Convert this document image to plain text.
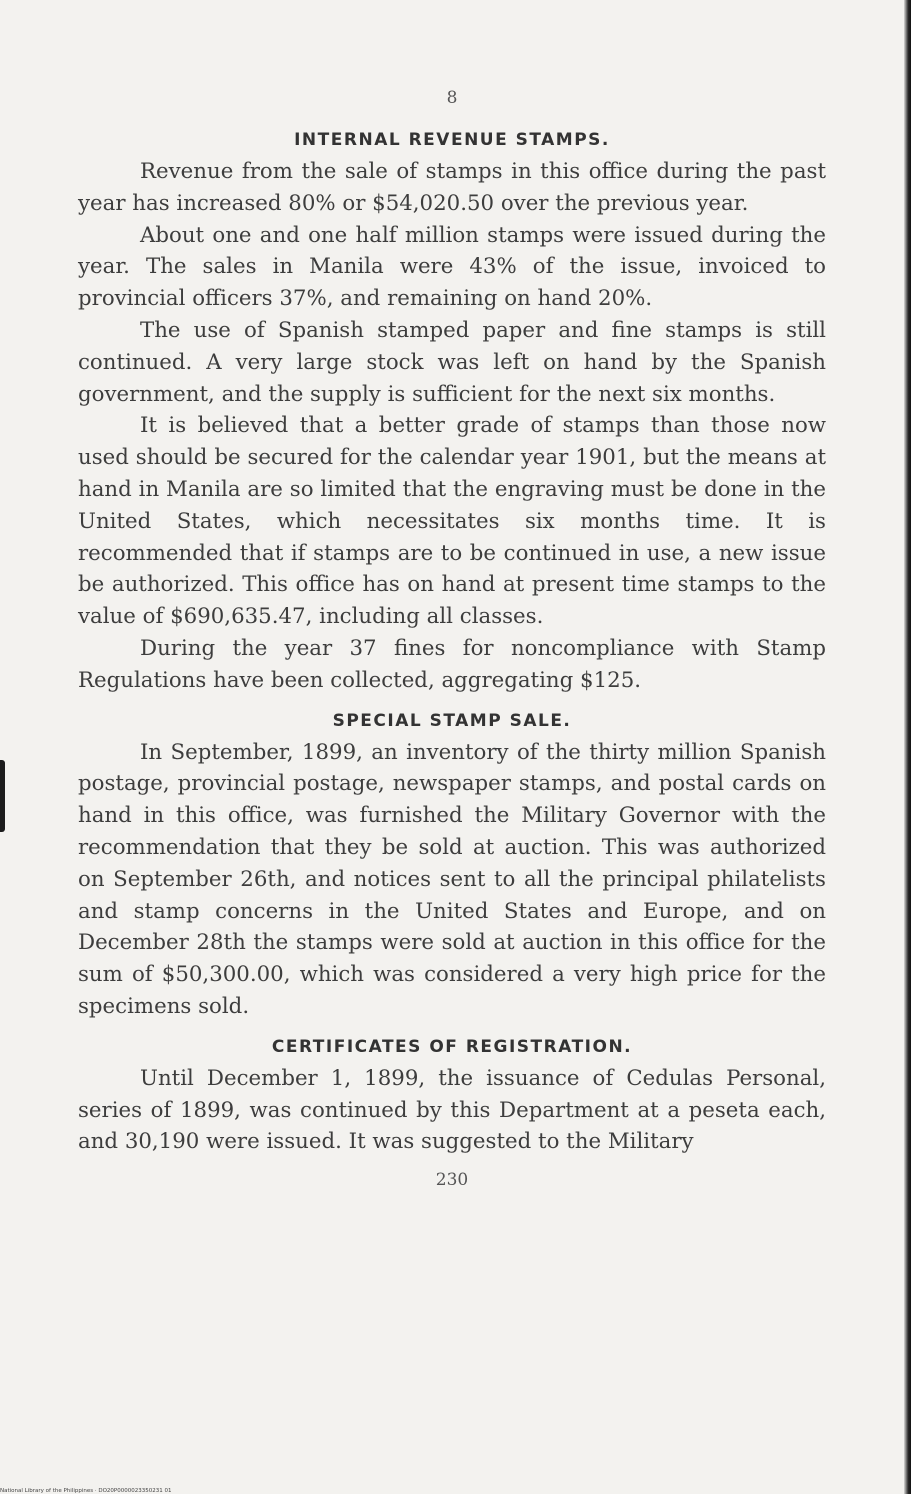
8
INTERNAL REVENUE STAMPS.

Revenue from the sale of stamps in this office during the past year has increased 80% or $54,020.50 over the previous year.

About one and one half million stamps were issued during the year. The sales in Manila were 43% of the issue, invoiced to provincial officers 37%, and remaining on hand 20%.

The use of Spanish stamped paper and fine stamps is still continued. A very large stock was left on hand by the Spanish government, and the supply is sufficient for the next six months.

It is believed that a better grade of stamps than those now used should be secured for the calendar year 1901, but the means at hand in Manila are so limited that the engraving must be done in the United States, which necessitates six months time. It is recommended that if stamps are to be continued in use, a new issue be authorized. This office has on hand at present time stamps to the value of $690,635.47, including all classes.

During the year 37 fines for noncompliance with Stamp Regulations have been collected, aggregating $125.

SPECIAL STAMP SALE.

In September, 1899, an inventory of the thirty million Spanish postage, provincial postage, newspaper stamps, and postal cards on hand in this office, was furnished the Military Governor with the recommendation that they be sold at auction. This was authorized on September 26th, and notices sent to all the principal philatelists and stamp concerns in the United States and Europe, and on December 28th the stamps were sold at auction in this office for the sum of $50,300.00, which was considered a very high price for the specimens sold.

CERTIFICATES OF REGISTRATION.

Until December 1, 1899, the issuance of Cedulas Personal, series of 1899, was continued by this Department at a peseta each, and 30,190 were issued. It was suggested to the Military

230
National Library of the Philippines · DO20P0000023350231 01
